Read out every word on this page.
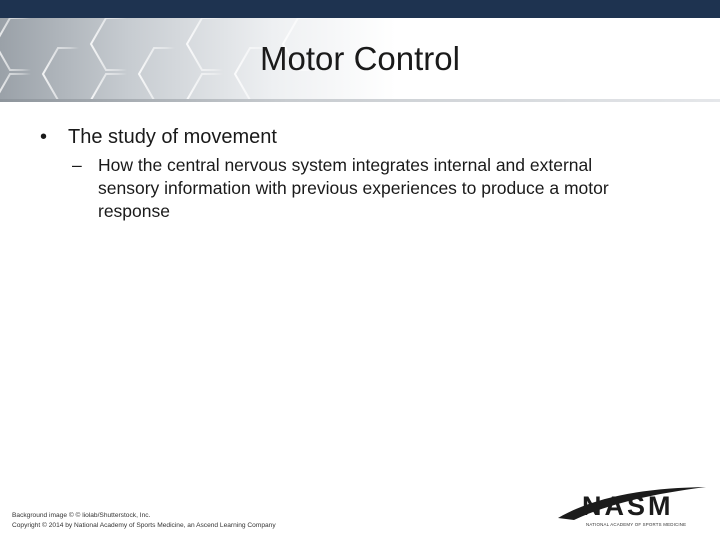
Motor Control
•	The study of movement
– How the central nervous system integrates internal and external sensory information with previous experiences to produce a motor response
Background image © © liolab/Shutterstock, Inc.
Copyright © 2014 by National Academy of Sports Medicine, an Ascend Learning Company
NASM
NATIONAL ACADEMY OF SPORTS MEDICINE
